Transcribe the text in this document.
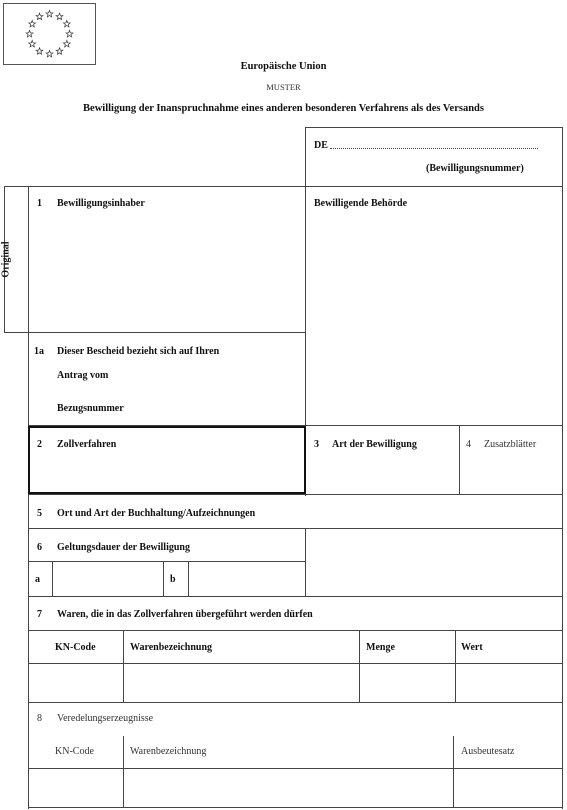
Europäische Union
MUSTER
Bewilligung der Inanspruchnahme eines anderen besonderen Verfahrens als des Versands
DE
(Bewilligungsnummer)
Original
1 Bewilligungsinhaber	Bewilligende Behörde
1a Dieser Bescheid bezieht sich auf Ihren
Antrag vom
Bezugsnummer
2 Zollverfahren	3 Art der Bewilligung	4 Zusatzblätter
5 Ort und Art der Buchhaltung/Aufzeichnungen
6 Geltungsdauer der Bewilligung
a	b
7 Waren, die in das Zollverfahren übergeführt werden dürfen
KN-Code	Warenbezeichnung	Menge	Wert
8 Veredelungserzeugnisse
KN-Code	Warenbezeichnung	Ausbeutesatz
